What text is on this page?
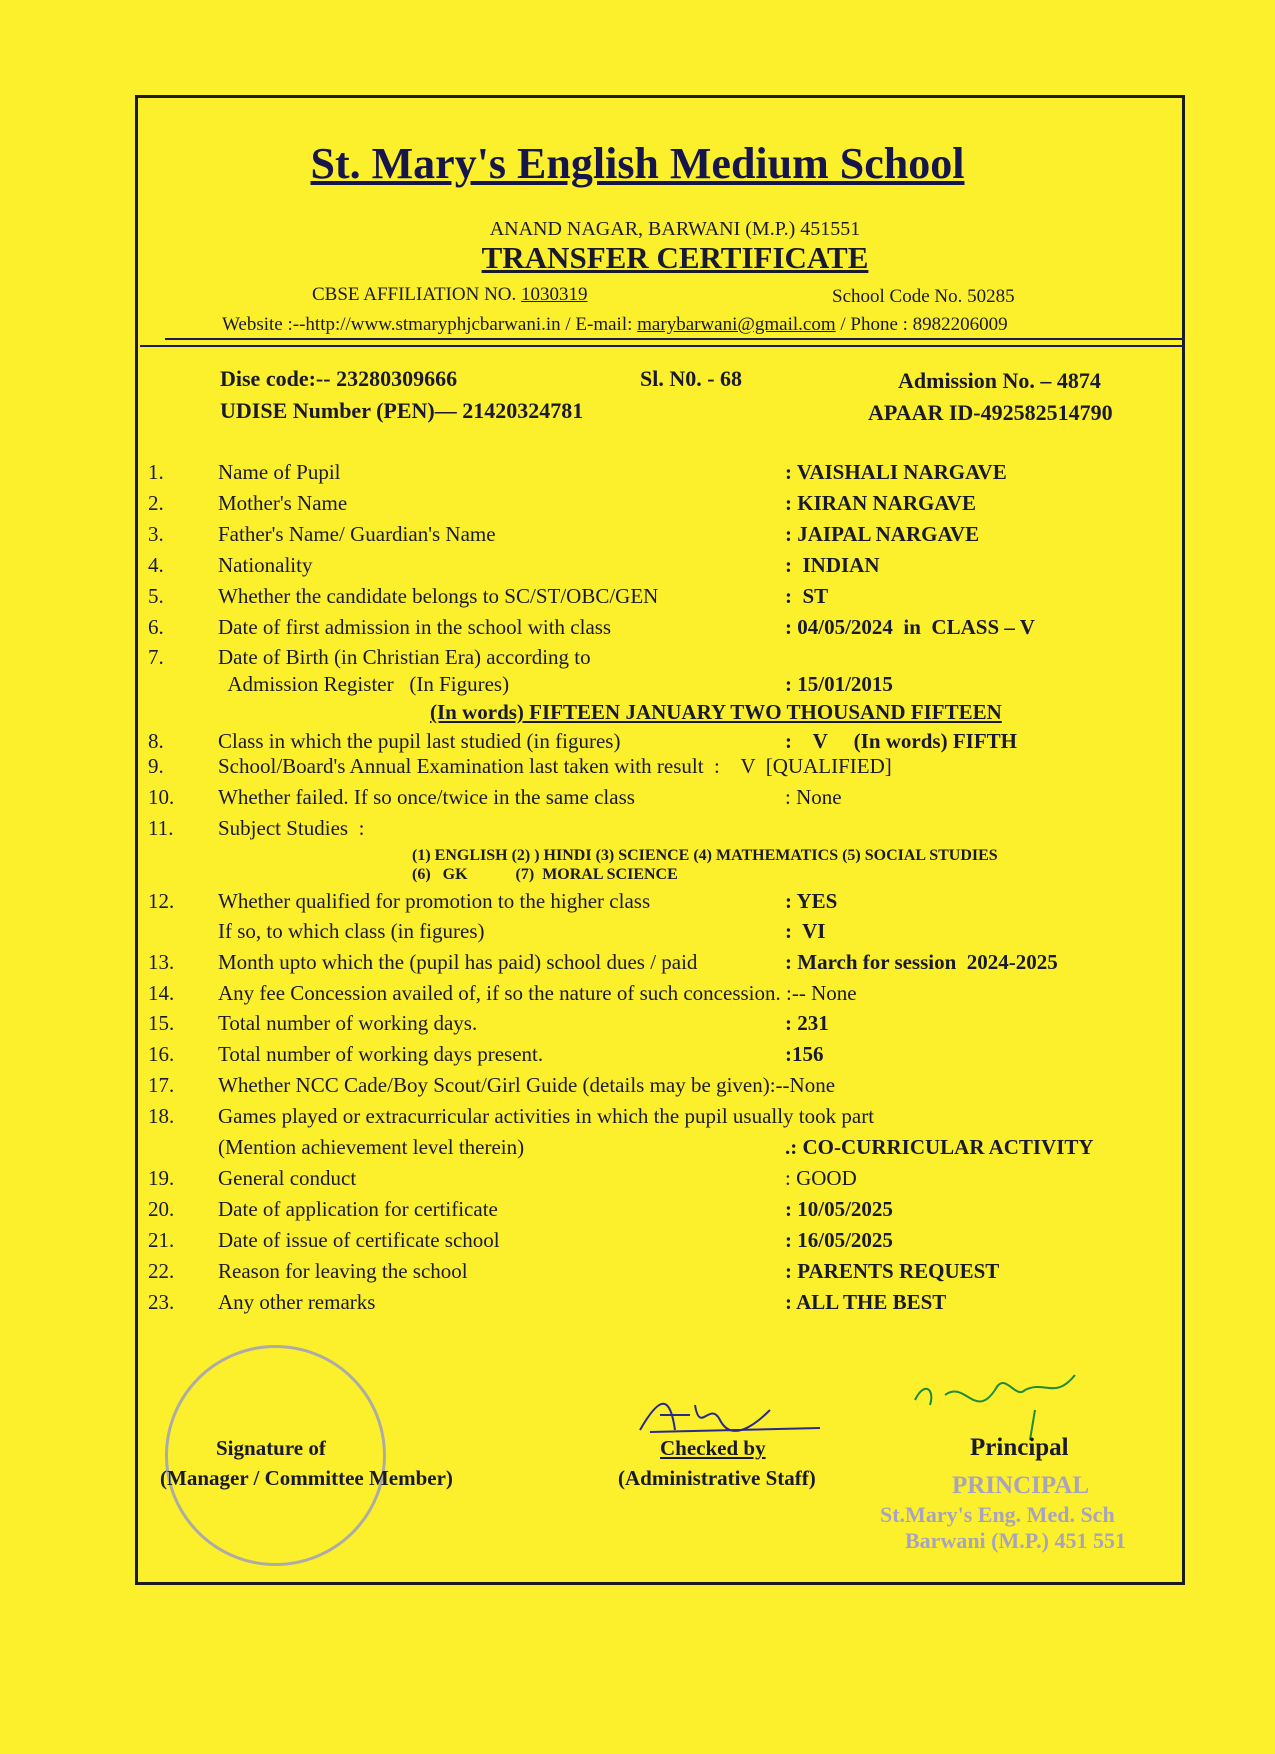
St. Mary's English Medium School
ANAND NAGAR, BARWANI (M.P.) 451551
TRANSFER CERTIFICATE
CBSE AFFILIATION NO. 1030319	School Code No. 50285
Website :--http://www.stmaryphjcbarwani.in / E-mail: marybarwani@gmail.com / Phone : 8982206009
Dise code:-- 23280309666	Sl. N0. - 68	Admission No. – 4874
UDISE Number (PEN)— 21420324781	APAAR ID-492582514790
1.	Name of Pupil	: VAISHALI NARGAVE
2.	Mother's Name	: KIRAN NARGAVE
3.	Father's Name/ Guardian's Name	: JAIPAL NARGAVE
4.	Nationality	:  INDIAN
5.	Whether the candidate belongs to SC/ST/OBC/GEN	:  ST
6.	Date of first admission in the school with class	: 04/05/2024  in  CLASS – V
7.	Date of Birth (in Christian Era) according to
Admission Register   (In Figures)	: 15/01/2015
8.	Class in which the pupil last studied (in figures)	:    V     (In words) FIFTH
9.	School/Board's Annual Examination last taken with result  :    V  [QUALIFIED]
10. Whether failed. If so once/twice in the same class	: None
11. Subject Studies  :
12. Whether qualified for promotion to the higher class	: YES
If so, to which class (in figures)	:  VI
13. Month upto which the (pupil has paid) school dues / paid	: March for session  2024-2025
14. Any fee Concession availed of, if so the nature of such concession. :-- None
15. Total number of working days.	: 231
16. Total number of working days present.	:156
17. Whether NCC Cade/Boy Scout/Girl Guide (details may be given):--None
18. Games played or extracurricular activities in which the pupil usually took part
(Mention achievement level therein)	.: CO-CURRICULAR ACTIVITY
19. General conduct	: GOOD
20. Date of application for certificate	: 10/05/2025
21. Date of issue of certificate school	: 16/05/2025
22. Reason for leaving the school	: PARENTS REQUEST
23. Any other remarks	: ALL THE BEST
(In words) FIFTEEN JANUARY TWO THOUSAND FIFTEEN
(1) ENGLISH (2) ) HINDI (3) SCIENCE (4) MATHEMATICS (5) SOCIAL STUDIES
(6)   GK            (7)  MORAL SCIENCE
Signature of
(Manager / Committee Member)
Checked by
(Administrative Staff)
Principal
PRINCIPAL
St.Mary's Eng. Med. Sch
Barwani (M.P.) 451 551
